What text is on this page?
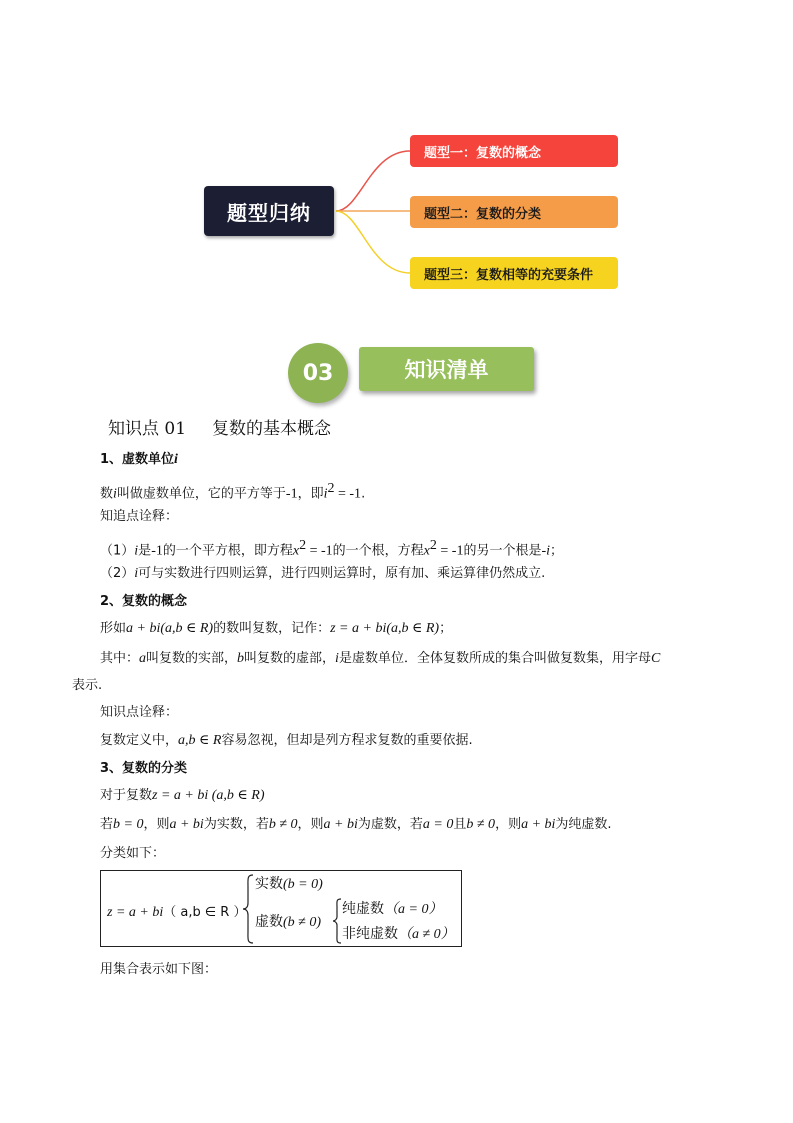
题型归纳
题型一：复数的概念
题型二：复数的分类
题型三：复数相等的充要条件
03	知识清单
知识点 01 复数的基本概念
1、虚数单位i
数i叫做虚数单位，它的平方等于-1，即$i^2 = -1$.
知追点诠释：
（1）i是-1的一个平方根，即方程$x^2 = -1$的一个根，方程$x^2 = -1$的另一个根是-i；
（2）i可与实数进行四则运算，进行四则运算时，原有加、乘运算律仍然成立.
2、复数的概念
形如a + bi(a,b ∈ R)的数叫复数，记作：z = a + bi(a,b ∈ R)；
其中：a叫复数的实部，b叫复数的虚部，i是虚数单位．全体复数所成的集合叫做复数集，用字母C
表示.
知识点诠释：
复数定义中，a,b ∈ R容易忽视，但却是列方程求复数的重要依据.
3、复数的分类
对于复数z = a + bi (a,b ∈ R)
若b = 0，则a + bi为实数，若b ≠ 0，则a + bi为虚数，若a = 0且b ≠ 0，则a + bi为纯虚数.
分类如下：
z = a + bi（ a,b ∈ R ）
实数(b = 0)
虚数(b ≠ 0)
纯虚数（a = 0）
非纯虚数（a ≠ 0）
用集合表示如下图：
